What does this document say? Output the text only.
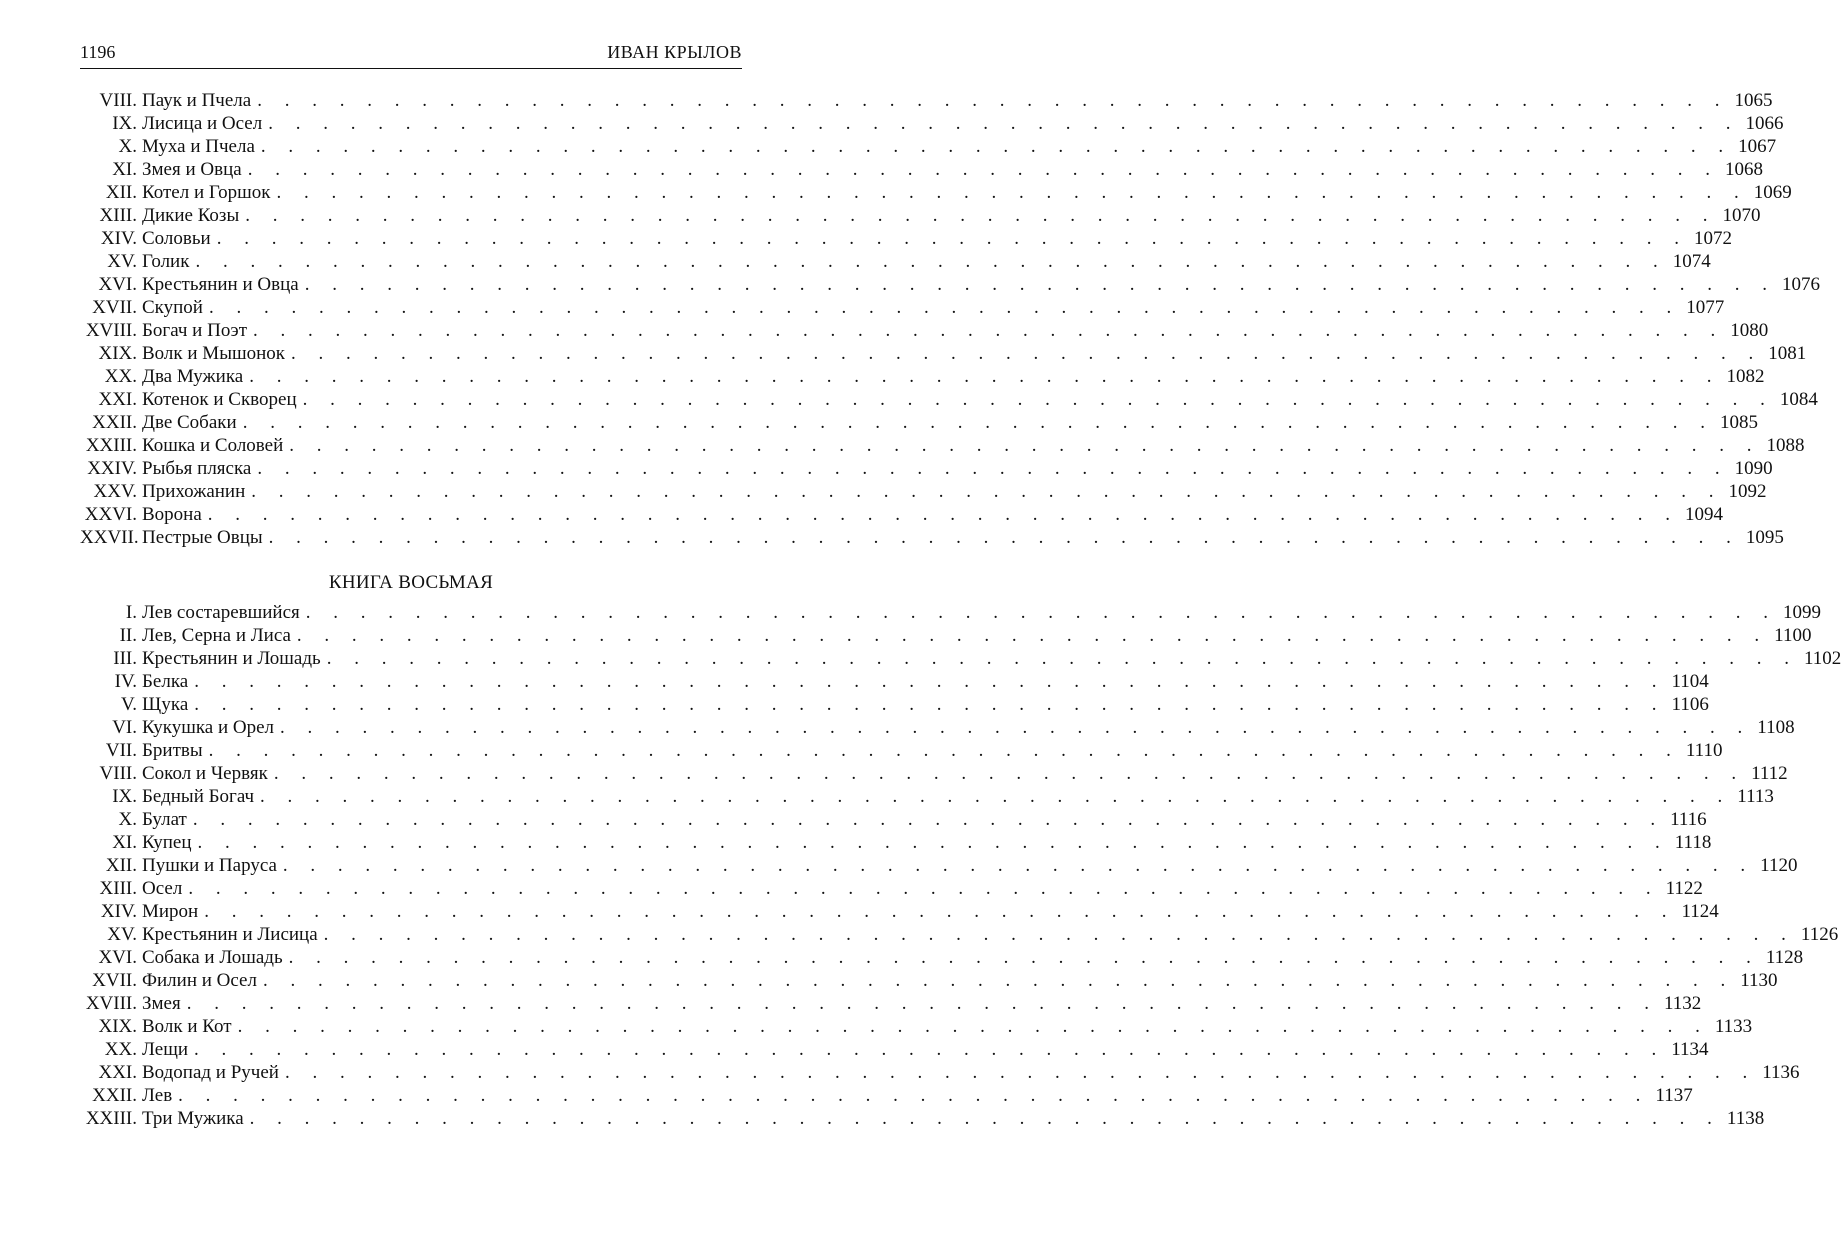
1196	ИВАН КРЫЛОВ
VIII. Паук и Пчела . . . . . . . . . . . . . . . . . . . . . . . . . . . . . . . . . . . . . . . . . . . . . . . . . . . . . . 1065
IX. Лисица и Осел . . . . . . . . . . . . . . . . . . . . . . . . . . . . . . . . . . . . . . . . . . . . . . . . . . . . . . 1066
X. Муха и Пчела . . . . . . . . . . . . . . . . . . . . . . . . . . . . . . . . . . . . . . . . . . . . . . . . . . . . . . 1067
XI. Змея и Овца . . . . . . . . . . . . . . . . . . . . . . . . . . . . . . . . . . . . . . . . . . . . . . . . . . . . . . 1068
XII. Котел и Горшок . . . . . . . . . . . . . . . . . . . . . . . . . . . . . . . . . . . . . . . . . . . . . . . . . . . . . . 1069
XIII. Дикие Козы . . . . . . . . . . . . . . . . . . . . . . . . . . . . . . . . . . . . . . . . . . . . . . . . . . . . . . 1070
XIV. Соловьи . . . . . . . . . . . . . . . . . . . . . . . . . . . . . . . . . . . . . . . . . . . . . . . . . . . . . . 1072
XV. Голик . . . . . . . . . . . . . . . . . . . . . . . . . . . . . . . . . . . . . . . . . . . . . . . . . . . . . . 1074
XVI. Крестьянин и Овца . . . . . . . . . . . . . . . . . . . . . . . . . . . . . . . . . . . . . . . . . . . . . . . . . . . . . . 1076
XVII. Скупой . . . . . . . . . . . . . . . . . . . . . . . . . . . . . . . . . . . . . . . . . . . . . . . . . . . . . . 1077
XVIII. Богач и Поэт . . . . . . . . . . . . . . . . . . . . . . . . . . . . . . . . . . . . . . . . . . . . . . . . . . . . . . 1080
XIX. Волк и Мышонок . . . . . . . . . . . . . . . . . . . . . . . . . . . . . . . . . . . . . . . . . . . . . . . . . . . . . . 1081
XX. Два Мужика . . . . . . . . . . . . . . . . . . . . . . . . . . . . . . . . . . . . . . . . . . . . . . . . . . . . . . 1082
XXI. Котенок и Скворец . . . . . . . . . . . . . . . . . . . . . . . . . . . . . . . . . . . . . . . . . . . . . . . . . . . . . . 1084
XXII. Две Собаки . . . . . . . . . . . . . . . . . . . . . . . . . . . . . . . . . . . . . . . . . . . . . . . . . . . . . . 1085
XXIII. Кошка и Соловей . . . . . . . . . . . . . . . . . . . . . . . . . . . . . . . . . . . . . . . . . . . . . . . . . . . . . . 1088
XXIV. Рыбья пляска . . . . . . . . . . . . . . . . . . . . . . . . . . . . . . . . . . . . . . . . . . . . . . . . . . . . . . 1090
XXV. Прихожанин . . . . . . . . . . . . . . . . . . . . . . . . . . . . . . . . . . . . . . . . . . . . . . . . . . . . . . 1092
XXVI. Ворона . . . . . . . . . . . . . . . . . . . . . . . . . . . . . . . . . . . . . . . . . . . . . . . . . . . . . . 1094
XXVII. Пестрые Овцы . . . . . . . . . . . . . . . . . . . . . . . . . . . . . . . . . . . . . . . . . . . . . . . . . . . . . . 1095
КНИГА ВОСЬМАЯ
I. Лев состаревшийся . . . . . . . . . . . . . . . . . . . . . . . . . . . . . . . . . . . . . . . . . . . . . . . . . . . . . . 1099
II. Лев, Серна и Лиса . . . . . . . . . . . . . . . . . . . . . . . . . . . . . . . . . . . . . . . . . . . . . . . . . . . . . . 1100
III. Крестьянин и Лошадь . . . . . . . . . . . . . . . . . . . . . . . . . . . . . . . . . . . . . . . . . . . . . . . . . . . . . . 1102
IV. Белка . . . . . . . . . . . . . . . . . . . . . . . . . . . . . . . . . . . . . . . . . . . . . . . . . . . . . . 1104
V. Щука . . . . . . . . . . . . . . . . . . . . . . . . . . . . . . . . . . . . . . . . . . . . . . . . . . . . . . 1106
VI. Кукушка и Орел . . . . . . . . . . . . . . . . . . . . . . . . . . . . . . . . . . . . . . . . . . . . . . . . . . . . . . 1108
VII. Бритвы . . . . . . . . . . . . . . . . . . . . . . . . . . . . . . . . . . . . . . . . . . . . . . . . . . . . . . 1110
VIII. Сокол и Червяк . . . . . . . . . . . . . . . . . . . . . . . . . . . . . . . . . . . . . . . . . . . . . . . . . . . . . . 1112
IX. Бедный Богач . . . . . . . . . . . . . . . . . . . . . . . . . . . . . . . . . . . . . . . . . . . . . . . . . . . . . . 1113
X. Булат . . . . . . . . . . . . . . . . . . . . . . . . . . . . . . . . . . . . . . . . . . . . . . . . . . . . . . 1116
XI. Купец . . . . . . . . . . . . . . . . . . . . . . . . . . . . . . . . . . . . . . . . . . . . . . . . . . . . . . 1118
XII. Пушки и Паруса . . . . . . . . . . . . . . . . . . . . . . . . . . . . . . . . . . . . . . . . . . . . . . . . . . . . . . 1120
XIII. Осел . . . . . . . . . . . . . . . . . . . . . . . . . . . . . . . . . . . . . . . . . . . . . . . . . . . . . . 1122
XIV. Мирон . . . . . . . . . . . . . . . . . . . . . . . . . . . . . . . . . . . . . . . . . . . . . . . . . . . . . . 1124
XV. Крестьянин и Лисица . . . . . . . . . . . . . . . . . . . . . . . . . . . . . . . . . . . . . . . . . . . . . . . . . . . . . . 1126
XVI. Собака и Лошадь . . . . . . . . . . . . . . . . . . . . . . . . . . . . . . . . . . . . . . . . . . . . . . . . . . . . . . 1128
XVII. Филин и Осел . . . . . . . . . . . . . . . . . . . . . . . . . . . . . . . . . . . . . . . . . . . . . . . . . . . . . . 1130
XVIII. Змея . . . . . . . . . . . . . . . . . . . . . . . . . . . . . . . . . . . . . . . . . . . . . . . . . . . . . . 1132
XIX. Волк и Кот . . . . . . . . . . . . . . . . . . . . . . . . . . . . . . . . . . . . . . . . . . . . . . . . . . . . . . 1133
XX. Лещи . . . . . . . . . . . . . . . . . . . . . . . . . . . . . . . . . . . . . . . . . . . . . . . . . . . . . . 1134
XXI. Водопад и Ручей . . . . . . . . . . . . . . . . . . . . . . . . . . . . . . . . . . . . . . . . . . . . . . . . . . . . . . 1136
XXII. Лев . . . . . . . . . . . . . . . . . . . . . . . . . . . . . . . . . . . . . . . . . . . . . . . . . . . . . . 1137
XXIII. Три Мужика . . . . . . . . . . . . . . . . . . . . . . . . . . . . . . . . . . . . . . . . . . . . . . . . . . . . . . 1138
